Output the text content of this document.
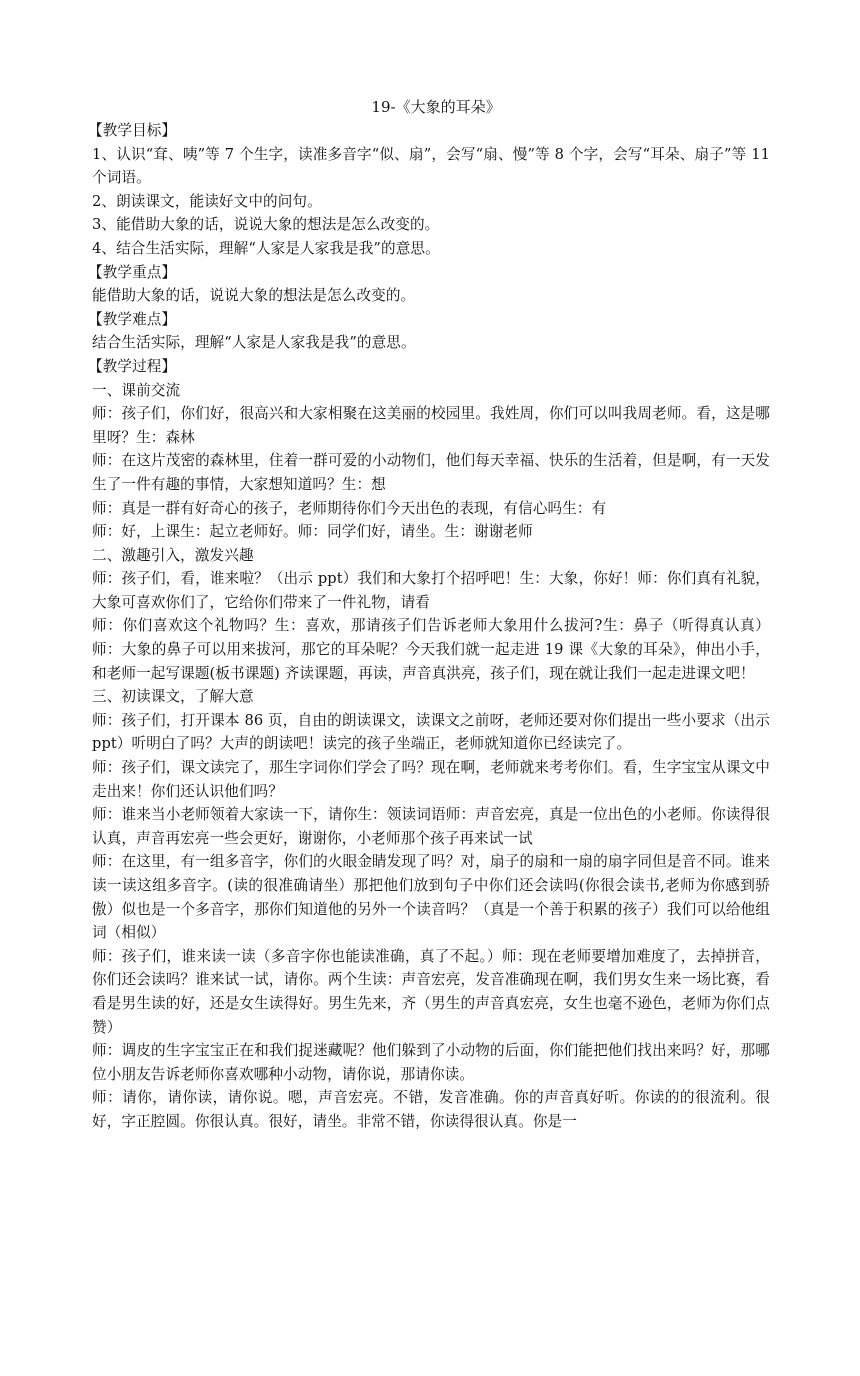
19-《大象的耳朵》

【教学目标】

1、认识“耷、咦”等 7 个生字，读准多音字“似、扇”，会写“扇、慢”等 8 个字，会写“耳朵、扇子”等 11 个词语。

2、朗读课文，能读好文中的问句。

3、能借助大象的话，说说大象的想法是怎么改变的。

4、结合生活实际，理解“人家是人家我是我”的意思。

【教学重点】

能借助大象的话，说说大象的想法是怎么改变的。

【教学难点】

结合生活实际，理解“人家是人家我是我”的意思。

【教学过程】

一、课前交流

师：孩子们，你们好，很高兴和大家相聚在这美丽的校园里。我姓周，你们可以叫我周老师。看，这是哪里呀？生：森林

师：在这片茂密的森林里，住着一群可爱的小动物们，他们每天幸福、快乐的生活着，但是啊，有一天发生了一件有趣的事情，大家想知道吗？生：想

师：真是一群有好奇心的孩子，老师期待你们今天出色的表现，有信心吗生：有

师：好，上课生：起立老师好。师：同学们好，请坐。生：谢谢老师

二、激趣引入，激发兴趣

师：孩子们，看，谁来啦？（出示 ppt）我们和大象打个招呼吧！生：大象，你好！师：你们真有礼貌，大象可喜欢你们了，它给你们带来了一件礼物，请看

师：你们喜欢这个礼物吗？生：喜欢，那请孩子们告诉老师大象用什么拔河?生：鼻子（听得真认真）师：大象的鼻子可以用来拔河，那它的耳朵呢？今天我们就一起走进 19 课《大象的耳朵》，伸出小手，和老师一起写课题(板书课题) 齐读课题，再读，声音真洪亮，孩子们，现在就让我们一起走进课文吧！

三、初读课文，了解大意

师：孩子们，打开课本 86 页，自由的朗读课文，读课文之前呀，老师还要对你们提出一些小要求（出示 ppt）听明白了吗？大声的朗读吧！读完的孩子坐端正，老师就知道你已经读完了。

师：孩子们，课文读完了，那生字词你们学会了吗？现在啊，老师就来考考你们。看，生字宝宝从课文中走出来！你们还认识他们吗？

师：谁来当小老师领着大家读一下，请你生：领读词语师：声音宏亮，真是一位出色的小老师。你读得很认真，声音再宏亮一些会更好，谢谢你，小老师那个孩子再来试一试

师：在这里，有一组多音字，你们的火眼金睛发现了吗？对，扇子的扇和一扇的扇字同但是音不同。谁来读一读这组多音字。(读的很准确请坐）那把他们放到句子中你们还会读吗(你很会读书,老师为你感到骄傲）似也是一个多音字，那你们知道他的另外一个读音吗？（真是一个善于积累的孩子）我们可以给他组词（相似）

师：孩子们，谁来读一读（多音字你也能读准确，真了不起。）师：现在老师要增加难度了，去掉拼音，你们还会读吗？谁来试一试，请你。两个生读：声音宏亮，发音准确现在啊，我们男女生来一场比赛，看看是男生读的好，还是女生读得好。男生先来，齐（男生的声音真宏亮，女生也毫不逊色，老师为你们点赞）

师：调皮的生字宝宝正在和我们捉迷藏呢？他们躲到了小动物的后面，你们能把他们找出来吗？好，那哪位小朋友告诉老师你喜欢哪种小动物，请你说，那请你读。

师：请你，请你读，请你说。嗯，声音宏亮。不错，发音准确。你的声音真好听。你读的的很流利。很好，字正腔圆。你很认真。很好，请坐。非常不错，你读得很认真。你是一
